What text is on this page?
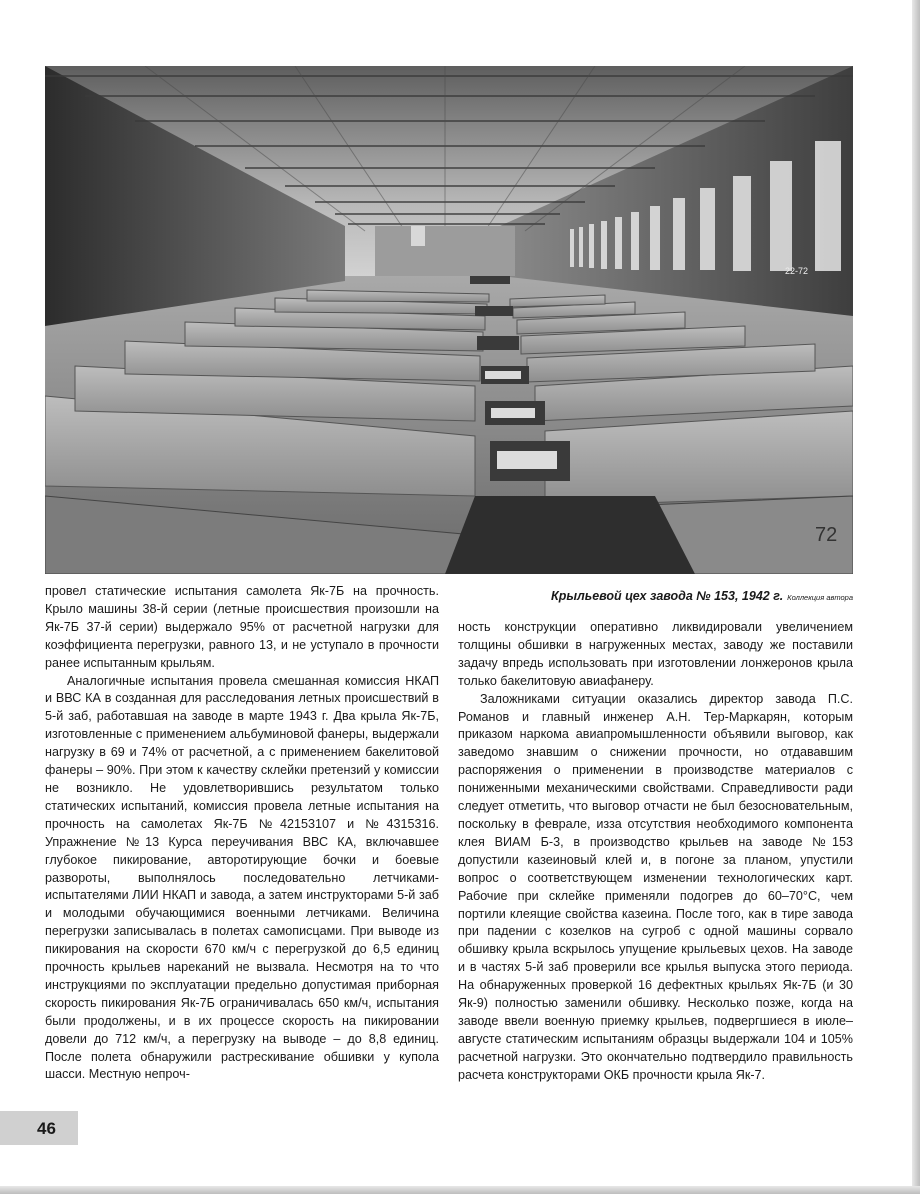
72
22-72
Крыльевой цех завода № 153, 1942 г. Коллекция автора

провел статические испытания самолета Як-7Б на прочность. Крыло машины 38-й серии (летные происшествия произошли на Як-7Б 37-й серии) выдержало 95% от расчетной нагрузки для коэффициента перегрузки, равного 13, и не уступало в прочности ранее испытанным крыльям.

Аналогичные испытания провела смешанная комиссия НКАП и ВВС КА в созданная для расследования летных происшествий в 5-й заб, работавшая на заводе в марте 1943 г. Два крыла Як-7Б, изготовленные с применением альбуминовой фанеры, выдержали нагрузку в 69 и 74% от расчетной, а с применением бакелитовой фанеры – 90%. При этом к качеству склейки претензий у комиссии не возникло. Не удовлетворившись результатом только статических испытаний, комиссия провела летные испытания на прочность на самолетах Як-7Б №42153107 и №4315316. Упражнение №13 Курса переучивания ВВС КА, включавшее глубокое пикирование, авторотирующие бочки и боевые развороты, выполнялось последовательно летчиками-испытателями ЛИИ НКАП и завода, а затем инструкторами 5-й заб и молодыми обучающимися военными летчиками. Величина перегрузки записывалась в полетах самописцами. При выводе из пикирования на скорости 670 км/ч с перегрузкой до 6,5 единиц прочность крыльев нареканий не вызвала. Несмотря на то что инструкциями по эксплуатации предельно допустимая приборная скорость пикирования Як-7Б ограничивалась 650 км/ч, испытания были продолжены, и в их процессе скорость на пикировании довели до 712 км/ч, а перегрузку на выводе – до 8,8 единиц. После полета обнаружили растрескивание обшивки у купола шасси. Местную непроч-

ность конструкции оперативно ликвидировали увеличением толщины обшивки в нагруженных местах, заводу же поставили задачу впредь использовать при изготовлении лонжеронов крыла только бакелитовую авиафанеру.

Заложниками ситуации оказались директор завода П.С. Романов и главный инженер А.Н. Тер-Маркарян, которым приказом наркома авиапромышленности объявили выговор, как заведомо знавшим о снижении прочности, но отдававшим распоряжения о применении в производстве материалов с пониженными механическими свойствами. Справедливости ради следует отметить, что выговор отчасти не был безосновательным, поскольку в феврале, изза отсутствия необходимого компонента клея ВИАМ Б-3, в производство крыльев на заводе №153 допустили казеиновый клей и, в погоне за планом, упустили вопрос о соответствующем изменении технологических карт. Рабочие при склейке применяли подогрев до 60–70°С, чем портили клеящие свойства казеина. После того, как в тире завода при падении с козелков на сугроб с одной машины сорвало обшивку крыла вскрылось упущение крыльевых цехов. На заводе и в частях 5-й заб проверили все крылья выпуска этого периода. На обнаруженных проверкой 16 дефектных крыльях Як-7Б (и 30 Як-9) полностью заменили обшивку. Несколько позже, когда на заводе ввели военную приемку крыльев, подвергшиеся в июле–августе статическим испытаниям образцы выдержали 104 и 105% расчетной нагрузки. Это окончательно подтвердило правильность расчета конструкторами ОКБ прочности крыла Як-7.

46
